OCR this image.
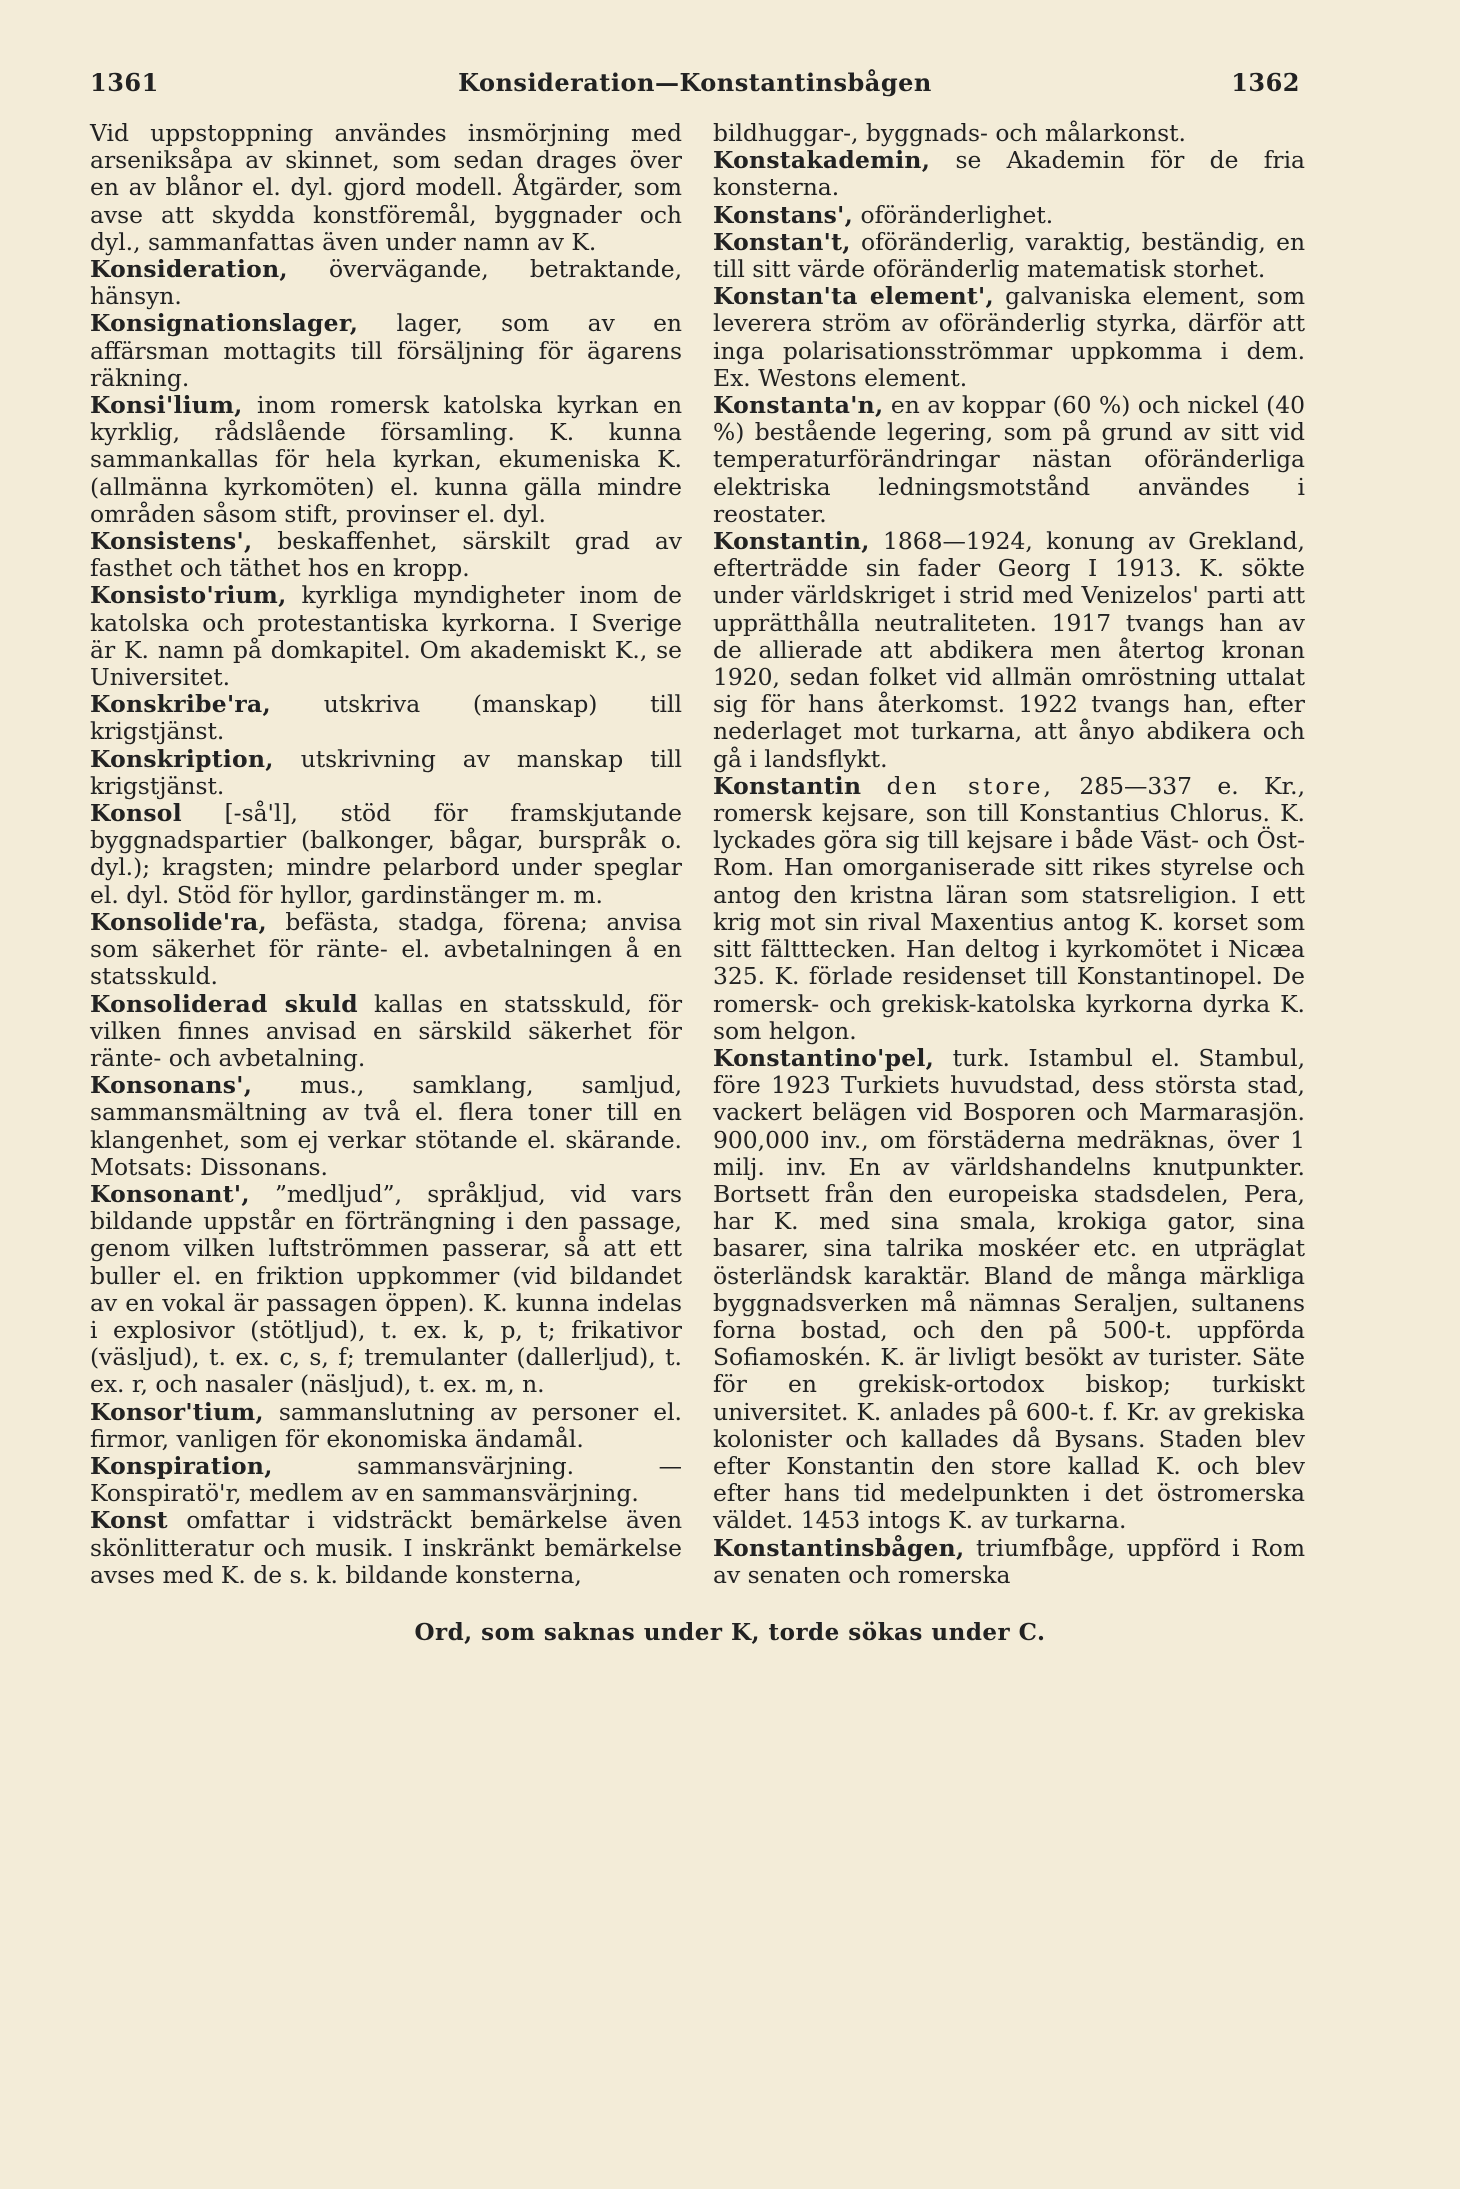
1361	Konsideration—Konstantinsbågen	1362

Vid uppstoppning användes insmörjning med arseniksåpa av skinnet, som sedan drages över en av blånor el. dyl. gjord modell. Åtgärder, som avse att skydda konstföremål, byggnader och dyl., sammanfattas även under namn av K.

Konsideration, övervägande, betraktande, hänsyn.

Konsignationslager, lager, som av en affärsman mottagits till försäljning för ägarens räkning.

Konsi'lium, inom romersk katolska kyrkan en kyrklig, rådslående församling. K. kunna sammankallas för hela kyrkan, ekumeniska K. (allmänna kyrkomöten) el. kunna gälla mindre områden såsom stift, provinser el. dyl.

Konsistens', beskaffenhet, särskilt grad av fasthet och täthet hos en kropp.

Konsisto'rium, kyrkliga myndigheter inom de katolska och protestantiska kyrkorna. I Sverige är K. namn på domkapitel. Om akademiskt K., se Universitet.

Konskribe'ra, utskriva (manskap) till krigstjänst.

Konskription, utskrivning av manskap till krigstjänst.

Konsol [-så'l], stöd för framskjutande byggnadspartier (balkonger, bågar, burspråk o. dyl.); kragsten; mindre pelarbord under speglar el. dyl. Stöd för hyllor, gardinstänger m. m.

Konsolide'ra, befästa, stadga, förena; anvisa som säkerhet för ränte- el. avbetalningen å en statsskuld.

Konsoliderad skuld kallas en statsskuld, för vilken finnes anvisad en särskild säkerhet för ränte- och avbetalning.

Konsonans', mus., samklang, samljud, sammansmältning av två el. flera toner till en klangenhet, som ej verkar stötande el. skärande. Motsats: Dissonans.

Konsonant', ”medljud”, språkljud, vid vars bildande uppstår en förträngning i den passage, genom vilken luftströmmen passerar, så att ett buller el. en friktion uppkommer (vid bildandet av en vokal är passagen öppen). K. kunna indelas i explosivor (stötljud), t. ex. k, p, t; frikativor (väsljud), t. ex. c, s, f; tremulanter (dallerljud), t. ex. r, och nasaler (näsljud), t. ex. m, n.

Konsor'tium, sammanslutning av personer el. firmor, vanligen för ekonomiska ändamål.

Konspiration,	sammansvärjning. — Konspiratö'r, medlem av en sammansvärjning.

Konst omfattar i vidsträckt bemärkelse även skönlitteratur och musik. I inskränkt bemärkelse avses med K. de s. k. bildande konsterna,

bildhuggar-, byggnads- och målarkonst.

Konstakademin, se Akademin för de fria konsterna.

Konstans', oföränderlighet.

Konstan't, oföränderlig, varaktig, beständig, en till sitt värde oföränderlig matematisk storhet.

Konstan'ta element', galvaniska element, som leverera ström av oföränderlig styrka, därför att inga polarisationsströmmar uppkomma i dem. Ex. Westons element.

Konstanta'n, en av koppar (60 %) och nickel (40 %) bestående legering, som på grund av sitt vid temperaturförändringar nästan oföränderliga elektriska ledningsmotstånd användes i reostater.

Konstantin, 1868—1924, konung av Grekland, efterträdde sin fader Georg I 1913. K. sökte under världskriget i strid med Venizelos' parti att upprätthålla neutraliteten. 1917 tvangs han av de allierade att abdikera men återtog kronan 1920, sedan folket vid allmän omröstning uttalat sig för hans återkomst. 1922 tvangs han, efter nederlaget mot turkarna, att ånyo abdikera och gå i landsflykt.

Konstantin den store, 285—337 e. Kr., romersk kejsare, son till Konstantius Chlorus. K. lyckades göra sig till kejsare i både Väst- och Öst-Rom. Han omorganiserade sitt rikes styrelse och antog den kristna läran som statsreligion. I ett krig mot sin rival Maxentius antog K. korset som sitt fältttecken. Han deltog i kyrkomötet i Nicæa 325. K. förlade residenset till Konstantinopel. De romersk- och grekisk-katolska kyrkorna dyrka K. som helgon.

Konstantino'pel, turk. Istambul el. Stambul, före 1923 Turkiets huvudstad, dess största stad, vackert belägen vid Bosporen och Marmarasjön. 900,000 inv., om förstäderna medräknas, över 1 milj. inv. En av världshandelns knutpunkter. Bortsett från den europeiska stadsdelen, Pera, har K. med sina smala, krokiga gator, sina basarer, sina talrika moskéer etc. en utpräglat österländsk karaktär. Bland de många märkliga byggnadsverken må nämnas Seraljen, sultanens forna bostad, och den på 500-t. uppförda Sofiamoskén. K. är livligt besökt av turister. Säte för en grekisk-ortodox biskop; turkiskt universitet. K. anlades på 600-t. f. Kr. av grekiska kolonister och kallades då Bysans. Staden blev efter Konstantin den store kallad K. och blev efter hans tid medelpunkten i det östromerska väldet. 1453 intogs K. av turkarna.

Konstantinsbågen, triumfbåge, uppförd i Rom av senaten och romerska

Ord, som saknas under K, torde sökas under C.
